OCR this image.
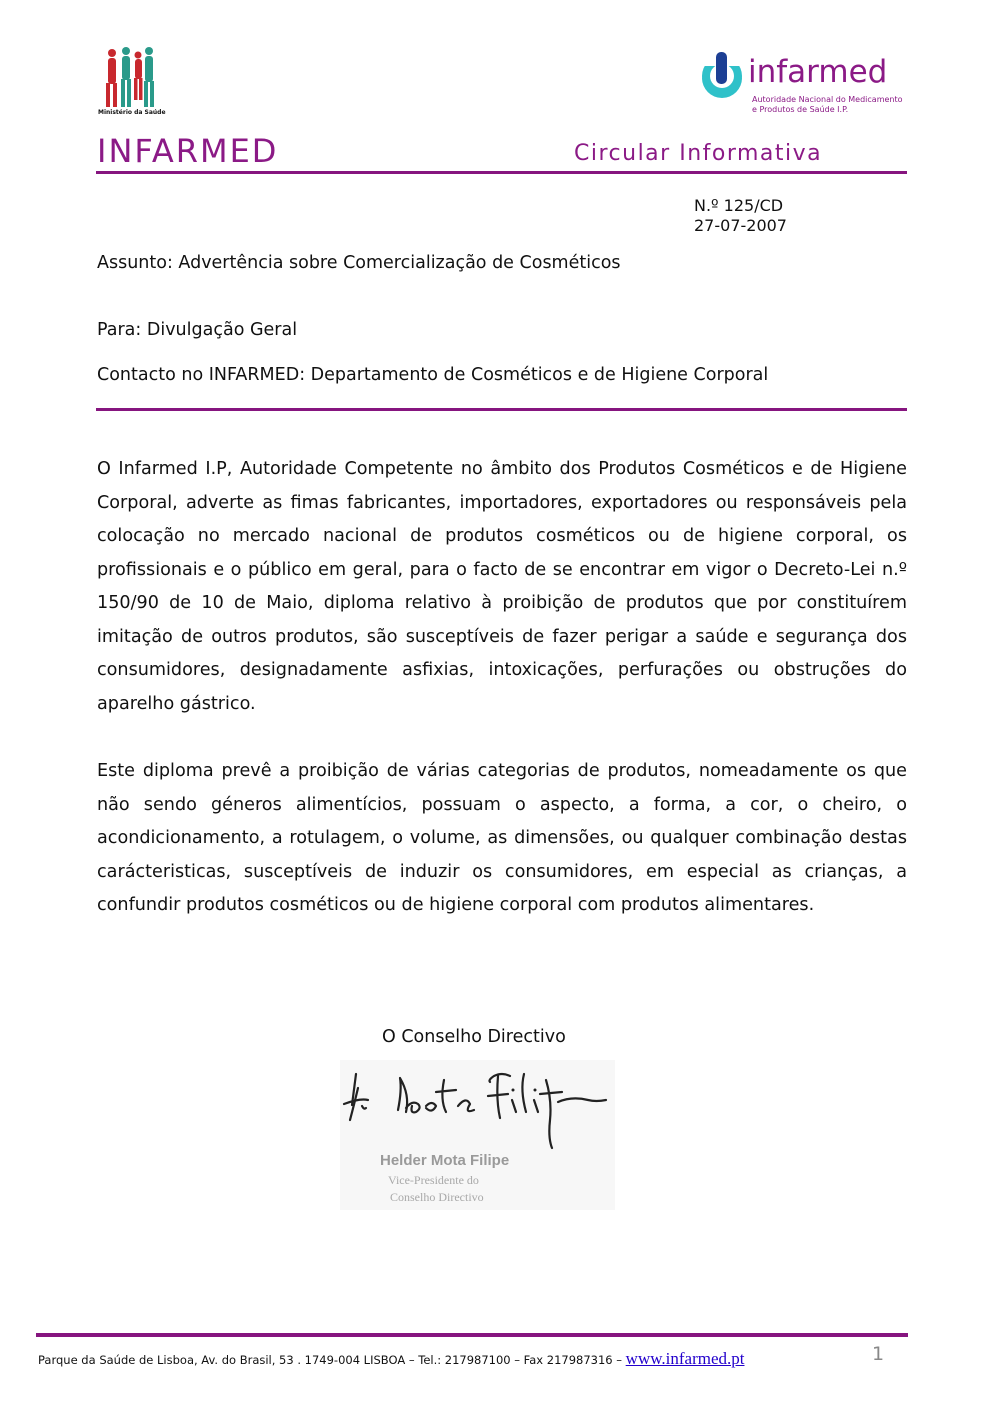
Ministério da Saúde
infarmed
Autoridade Nacional do Medicamento
e Produtos de Saúde I.P.
INFARMED	Circular Informativa
N.º 125/CD
27-07-2007
Assunto: Advertência sobre Comercialização de Cosméticos
Para: Divulgação Geral
Contacto no INFARMED: Departamento de Cosméticos e de Higiene Corporal

O Infarmed I.P, Autoridade Competente no âmbito dos Produtos Cosméticos e de Higiene Corporal, adverte as fimas fabricantes, importadores, exportadores ou responsáveis pela colocação no mercado nacional de produtos cosméticos ou de higiene corporal, os profissionais e o público em geral, para o facto de se encontrar em vigor o Decreto-Lei n.º 150/90 de 10 de Maio, diploma relativo à proibição de produtos que por constituírem imitação de outros produtos, são susceptíveis de fazer perigar a saúde e segurança dos consumidores, designadamente asfixias, intoxicações, perfurações ou obstruções do aparelho gástrico.

Este diploma prevê a proibição de várias categorias de produtos, nomeadamente os que não sendo géneros alimentícios, possuam o aspecto, a forma, a cor, o cheiro, o acondicionamento, a rotulagem, o volume, as dimensões, ou qualquer combinação destas carácteristicas, susceptíveis de induzir os consumidores, em especial as crianças, a confundir produtos cosméticos ou de higiene corporal com produtos alimentares.

O Conselho Directivo
Helder Mota Filipe
Vice-Presidente do
Conselho Directivo
Parque da Saúde de Lisboa, Av. do Brasil, 53 . 1749-004 LISBOA – Tel.: 217987100 – Fax 217987316 – www.infarmed.pt	1
